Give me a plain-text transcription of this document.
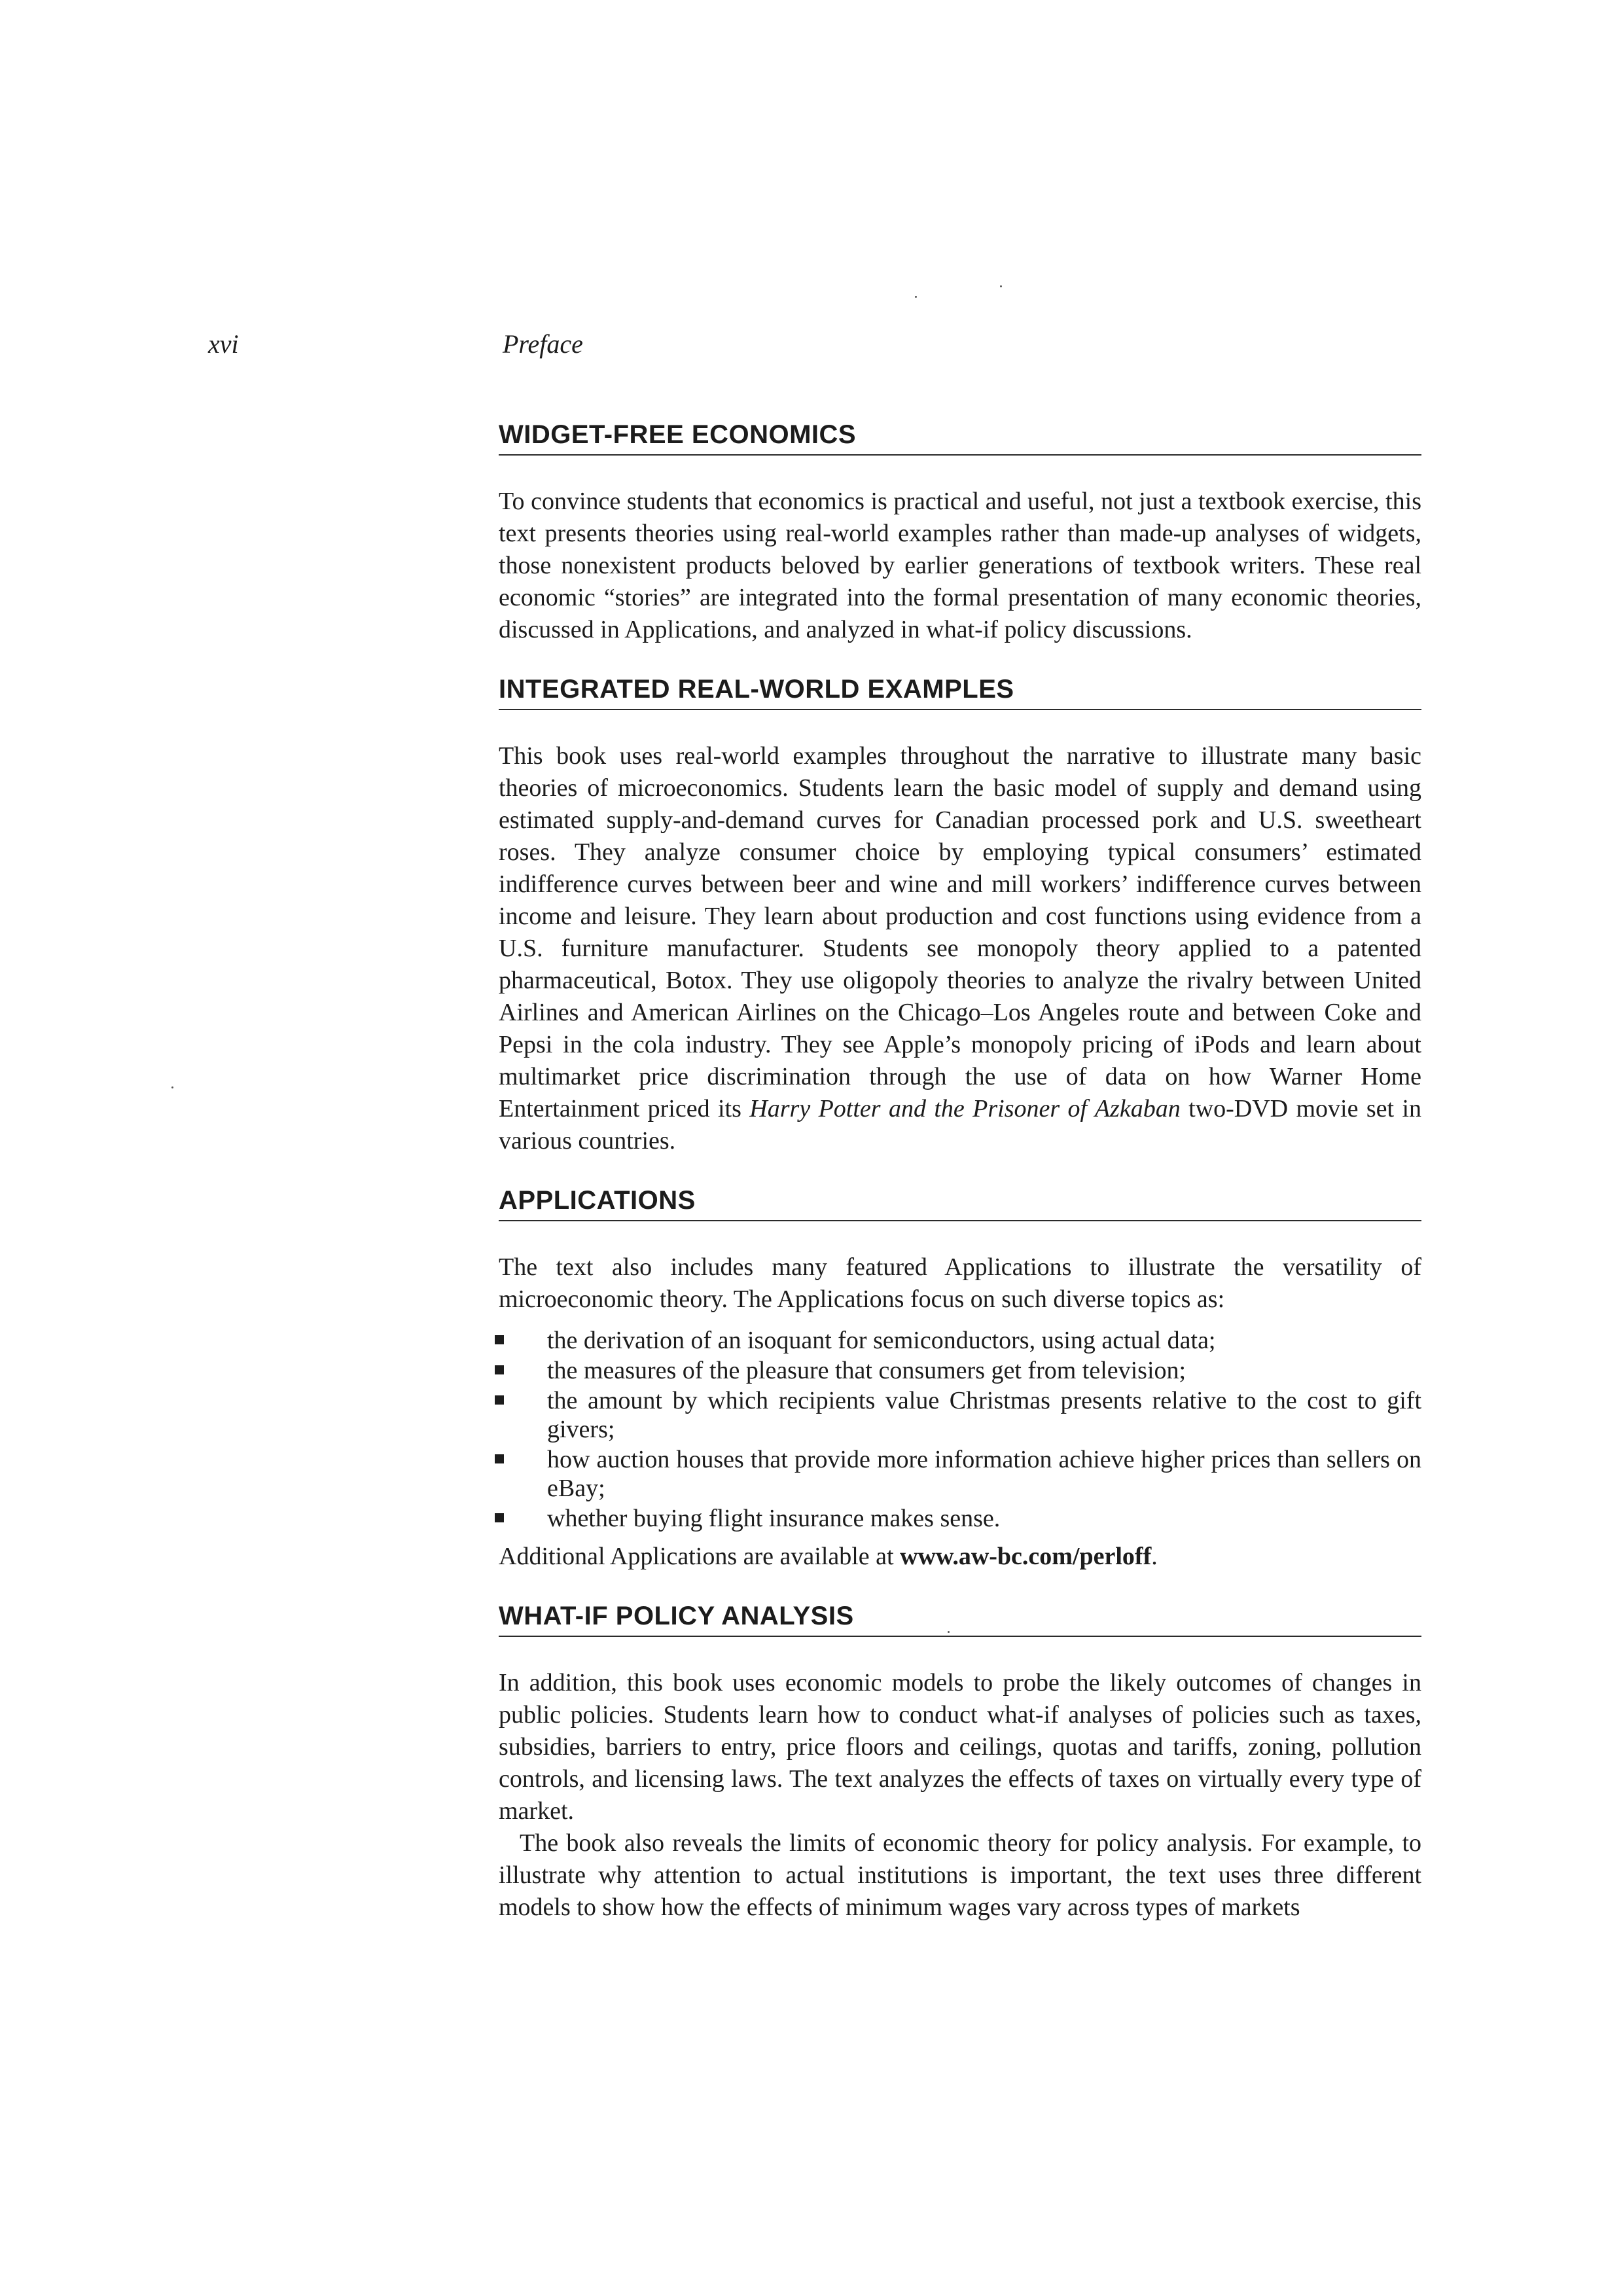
xvi	Preface
WIDGET-FREE ECONOMICS

To convince students that economics is practical and useful, not just a textbook exercise, this text presents theories using real-world examples rather than made-up analyses of widgets, those nonexistent products beloved by earlier generations of textbook writers. These real economic “stories” are integrated into the formal presentation of many economic theories, discussed in Applications, and analyzed in what-if policy discussions.

INTEGRATED REAL-WORLD EXAMPLES

This book uses real-world examples throughout the narrative to illustrate many basic theories of microeconomics. Students learn the basic model of supply and demand using estimated supply-and-demand curves for Canadian processed pork and U.S. sweetheart roses. They analyze consumer choice by employing typical consumers’ estimated indifference curves between beer and wine and mill workers’ indifference curves between income and leisure. They learn about production and cost functions using evidence from a U.S. furniture manufacturer. Students see monopoly theory applied to a patented pharmaceutical, Botox. They use oligopoly theories to analyze the rivalry between United Airlines and American Airlines on the Chicago–Los Angeles route and between Coke and Pepsi in the cola industry. They see Apple’s monopoly pricing of iPods and learn about multimarket price discrimination through the use of data on how Warner Home Entertainment priced its Harry Potter and the Prisoner of Azkaban two-DVD movie set in various countries.

APPLICATIONS

The text also includes many featured Applications to illustrate the versatility of microeconomic theory. The Applications focus on such diverse topics as:

the derivation of an isoquant for semiconductors, using actual data;
the measures of the pleasure that consumers get from television;
the amount by which recipients value Christmas presents relative to the cost to gift givers;
how auction houses that provide more information achieve higher prices than sellers on eBay;
whether buying flight insurance makes sense.

Additional Applications are available at www.aw-bc.com/perloff.

WHAT-IF POLICY ANALYSIS

In addition, this book uses economic models to probe the likely outcomes of changes in public policies. Students learn how to conduct what-if analyses of policies such as taxes, subsidies, barriers to entry, price floors and ceilings, quotas and tariffs, zoning, pollution controls, and licensing laws. The text analyzes the effects of taxes on virtually every type of market.

The book also reveals the limits of economic theory for policy analysis. For example, to illustrate why attention to actual institutions is important, the text uses three different models to show how the effects of minimum wages vary across types of markets
